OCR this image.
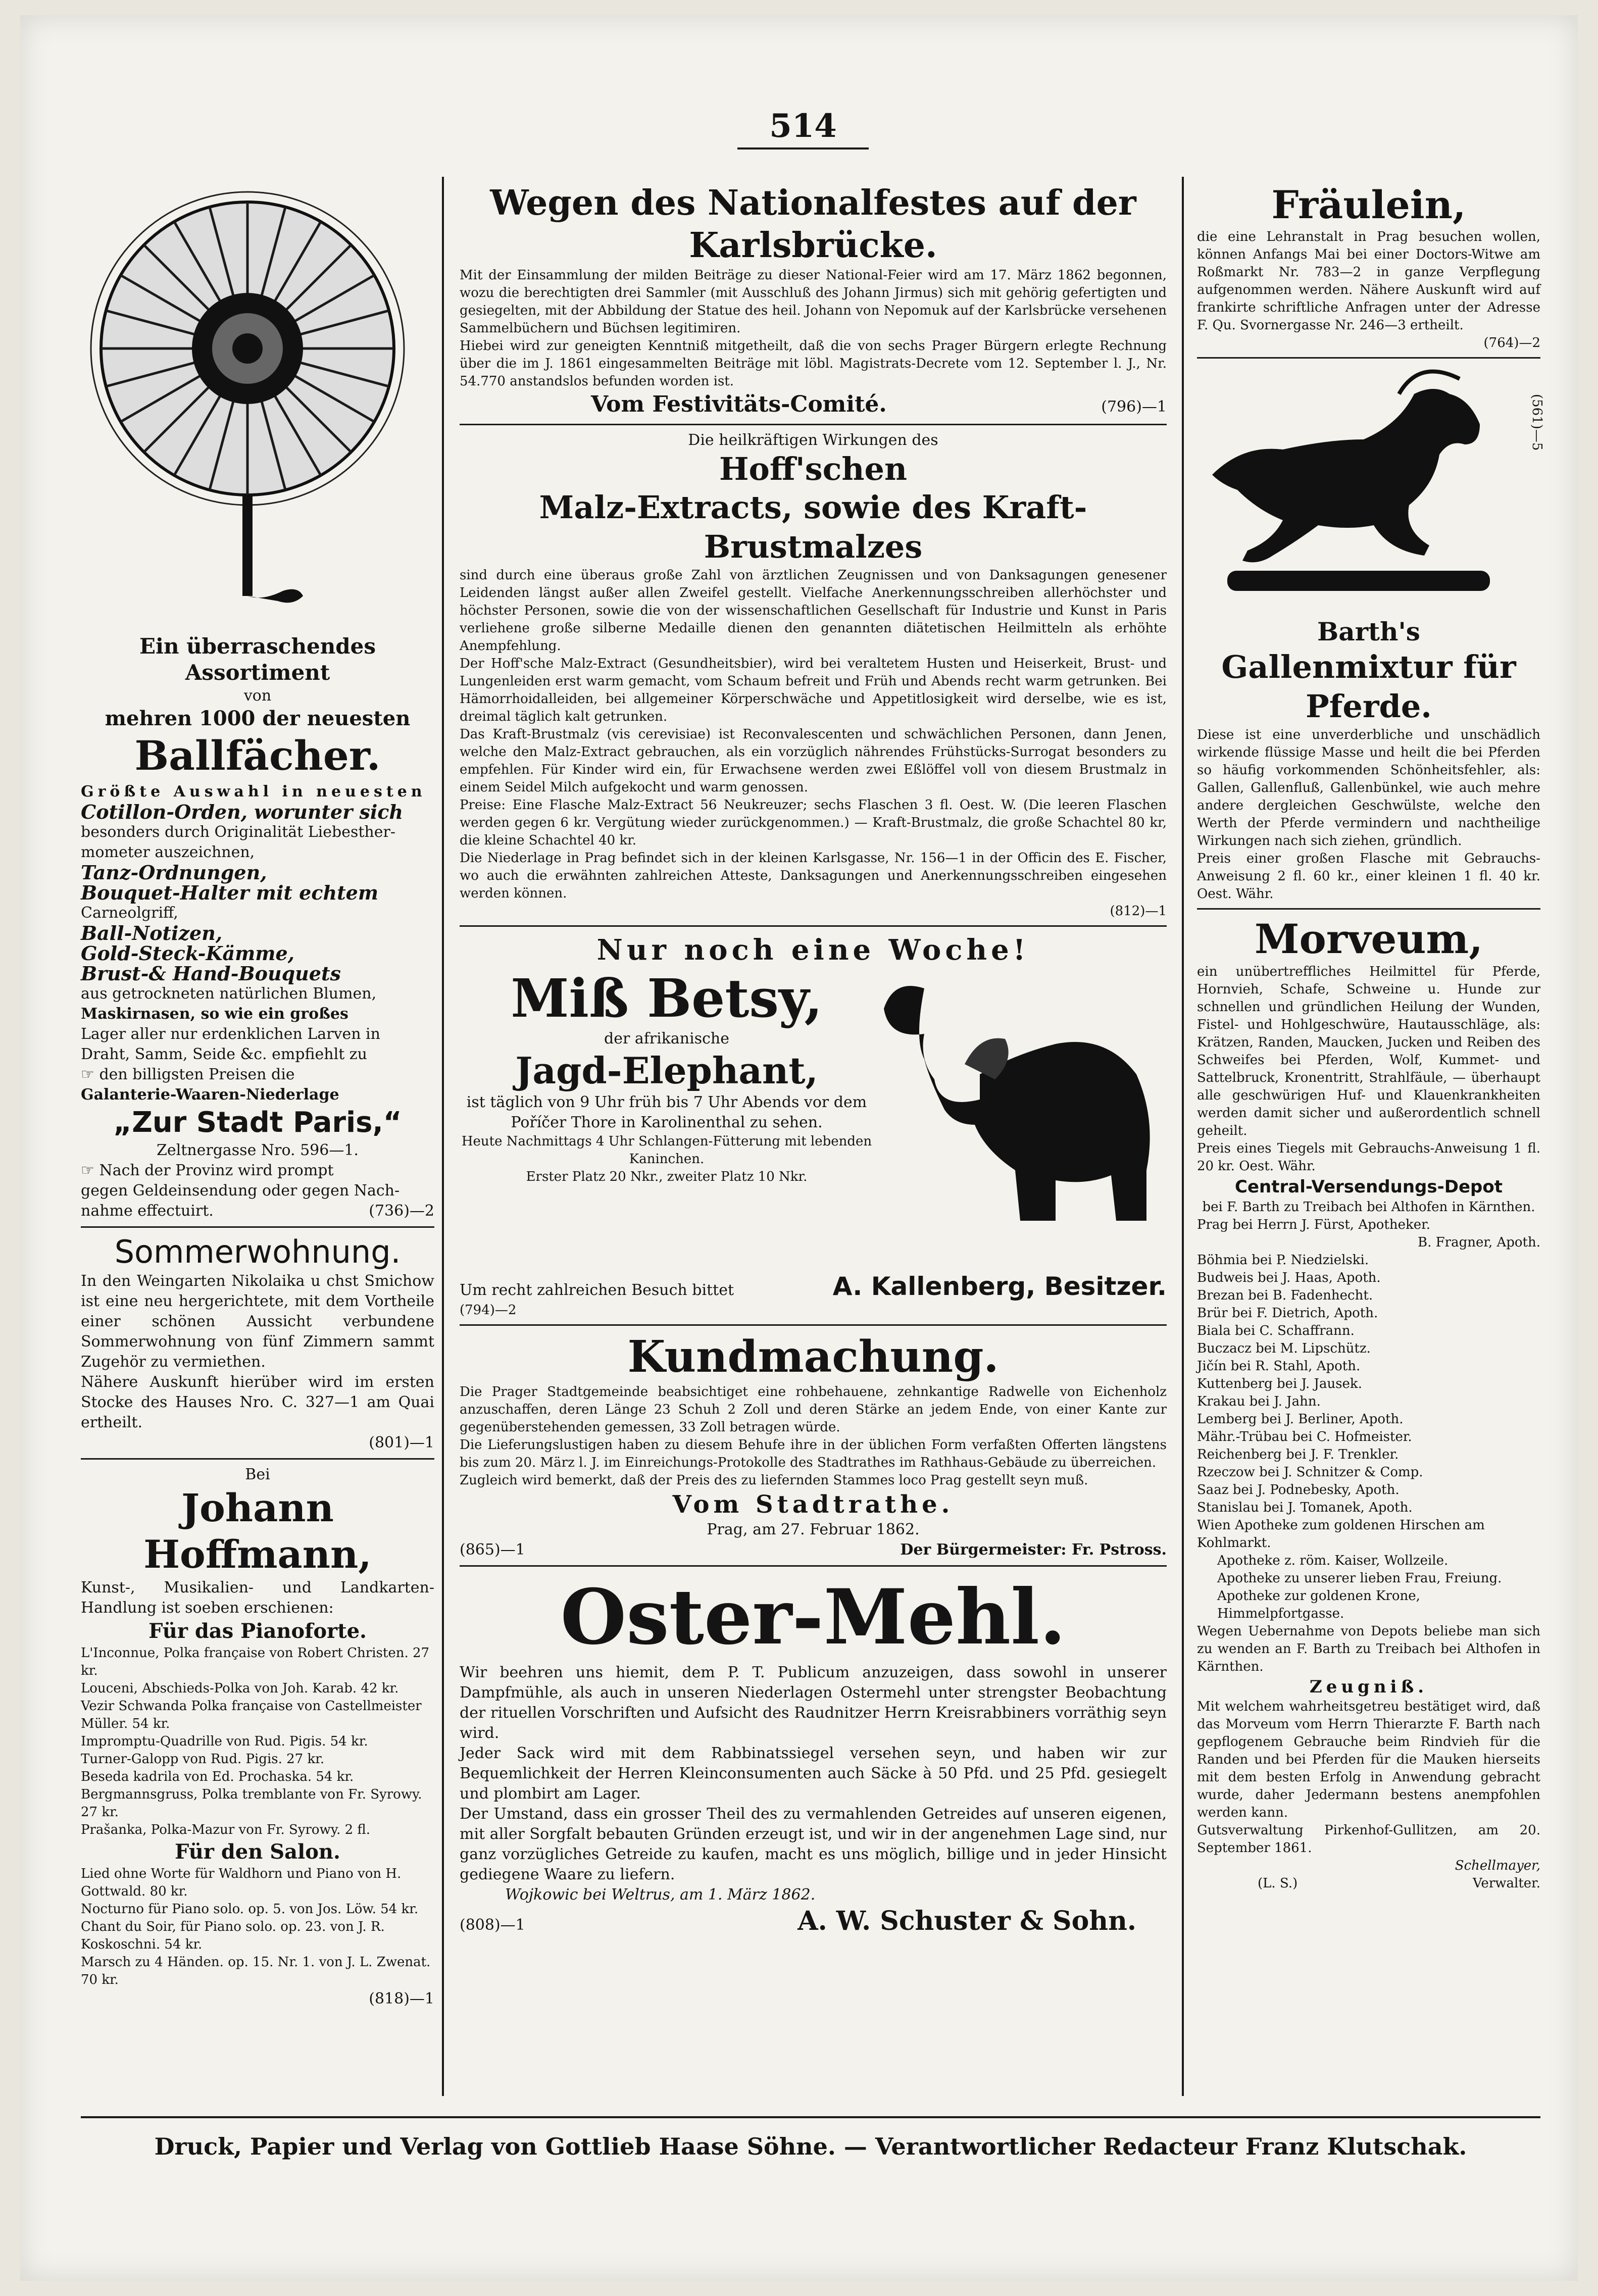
514

Ein überraschendes Assortiment

von

mehren 1000 der neuesten

Ballfächer.

Größte Auswahl in neuesten

Cotillon-Orden, worunter sich

besonders durch Originalität Liebesther-

mometer auszeichnen,

Tanz-Ordnungen,

Bouquet-Halter mit echtem

Carneolgriff,

Ball-Notizen,

Gold-Steck-Kämme,

Brust-& Hand-Bouquets

aus getrockneten natürlichen Blumen,

Maskirnasen, so wie ein großes

Lager aller nur erdenklichen Larven in

Draht, Samm, Seide &c. empfiehlt zu

☞ den billigsten Preisen die

Galanterie-Waaren-Niederlage

„Zur Stadt Paris,“

Zeltnergasse Nro. 596—1.

☞ Nach der Provinz wird prompt

gegen Geldeinsendung oder gegen Nach-

nahme effectuirt.	(736)—2

Sommerwohnung.

In den Weingarten Nikolaika u chst Smichow ist eine neu hergerichtete, mit dem Vortheile einer schönen Aussicht verbundene Sommerwohnung von fünf Zimmern sammt Zugehör zu vermiethen.

Nähere Auskunft hierüber wird im ersten Stocke des Hauses Nro. C. 327—1 am Quai ertheilt.

(801)—1

Bei

Johann Hoffmann,

Kunst-, Musikalien- und Landkarten-Handlung ist soeben erschienen:

Für das Pianoforte.

L'Inconnue, Polka française von Robert Christen. 27 kr.

Louceni, Abschieds-Polka von Joh. Karab. 42 kr.

Vezir Schwanda Polka française von Castellmeister Müller. 54 kr.

Impromptu-Quadrille von Rud. Pigis. 54 kr.

Turner-Galopp von Rud. Pigis. 27 kr.

Beseda kadrila von Ed. Prochaska. 54 kr.

Bergmannsgruss, Polka tremblante von Fr. Syrowy. 27 kr.

Prašanka, Polka-Mazur von Fr. Syrowy. 2 fl.

Für den Salon.

Lied ohne Worte für Waldhorn und Piano von H. Gottwald. 80 kr.

Nocturno für Piano solo. op. 5. von Jos. Löw. 54 kr.

Chant du Soir, für Piano solo. op. 23. von J. R. Koskoschni. 54 kr.

Marsch zu 4 Händen. op. 15. Nr. 1. von J. L. Zwenat. 70 kr.

(818)—1

Wegen des Nationalfestes auf der Karlsbrücke.

Mit der Einsammlung der milden Beiträge zu dieser National-Feier wird am 17. März 1862 begonnen, wozu die berechtigten drei Sammler (mit Ausschluß des Johann Jirmus) sich mit gehörig gefertigten und gesiegelten, mit der Abbildung der Statue des heil. Johann von Nepomuk auf der Karlsbrücke versehenen Sammelbüchern und Büchsen legitimiren.

Hiebei wird zur geneigten Kenntniß mitgetheilt, daß die von sechs Prager Bürgern erlegte Rechnung über die im J. 1861 eingesammelten Beiträge mit löbl. Magistrats-Decrete vom 12. September l. J., Nr. 54.770 anstandslos befunden worden ist.

Vom Festivitäts-Comité.	(796)—1

Die heilkräftigen Wirkungen des

Hoff'schen

Malz-Extracts, sowie des Kraft-Brustmalzes

sind durch eine überaus große Zahl von ärztlichen Zeugnissen und von Danksagungen genesener Leidenden längst außer allen Zweifel gestellt. Vielfache Anerkennungsschreiben allerhöchster und höchster Personen, sowie die von der wissenschaftlichen Gesellschaft für Industrie und Kunst in Paris verliehene große silberne Medaille dienen den genannten diätetischen Heilmitteln als erhöhte Anempfehlung.

Der Hoff'sche Malz-Extract (Gesundheitsbier), wird bei veraltetem Husten und Heiserkeit, Brust- und Lungenleiden erst warm gemacht, vom Schaum befreit und Früh und Abends recht warm getrunken. Bei Hämorrhoidalleiden, bei allgemeiner Körperschwäche und Appetitlosigkeit wird derselbe, wie es ist, dreimal täglich kalt getrunken.

Das Kraft-Brustmalz (vis cerevisiae) ist Reconvalescenten und schwächlichen Personen, dann Jenen, welche den Malz-Extract gebrauchen, als ein vorzüglich nährendes Frühstücks-Surrogat besonders zu empfehlen. Für Kinder wird ein, für Erwachsene werden zwei Eßlöffel voll von diesem Brustmalz in einem Seidel Milch aufgekocht und warm genossen.

Preise: Eine Flasche Malz-Extract 56 Neukreuzer; sechs Flaschen 3 fl. Oest. W. (Die leeren Flaschen werden gegen 6 kr. Vergütung wieder zurückgenommen.) — Kraft-Brustmalz, die große Schachtel 80 kr, die kleine Schachtel 40 kr.

Die Niederlage in Prag befindet sich in der kleinen Karlsgasse, Nr. 156—1 in der Officin des E. Fischer, wo auch die erwähnten zahlreichen Atteste, Danksagungen und Anerkennungsschreiben eingesehen werden können.

(812)—1

Nur noch eine Woche!

Miß Betsy,

der afrikanische

Jagd-Elephant,

ist täglich von 9 Uhr früh bis 7 Uhr Abends vor dem Poříčer Thore in Karolinenthal zu sehen.

Heute Nachmittags 4 Uhr Schlangen-Fütterung mit lebenden Kaninchen.

Erster Platz 20 Nkr., zweiter Platz 10 Nkr.

Um recht zahlreichen Besuch bittet	A. Kallenberg, Besitzer.
(794)—2

Kundmachung.

Die Prager Stadtgemeinde beabsichtiget eine rohbehauene, zehnkantige Radwelle von Eichenholz anzuschaffen, deren Länge 23 Schuh 2 Zoll und deren Stärke an jedem Ende, von einer Kante zur gegenüberstehenden gemessen, 33 Zoll betragen würde.

Die Lieferungslustigen haben zu diesem Behufe ihre in der üblichen Form verfaßten Offerten längstens bis zum 20. März l. J. im Einreichungs-Protokolle des Stadtrathes im Rathhaus-Gebäude zu überreichen.

Zugleich wird bemerkt, daß der Preis des zu liefernden Stammes loco Prag gestellt seyn muß.

Vom Stadtrathe.

Prag, am 27. Februar 1862.

(865)—1	Der Bürgermeister: Fr. Pstross.

Oster-Mehl.

Wir beehren uns hiemit, dem P. T. Publicum anzuzeigen, dass sowohl in unserer Dampfmühle, als auch in unseren Niederlagen Ostermehl unter strengster Beobachtung der rituellen Vorschriften und Aufsicht des Raudnitzer Herrn Kreisrabbiners vorräthig seyn wird.

Jeder Sack wird mit dem Rabbinatssiegel versehen seyn, und haben wir zur Bequemlichkeit der Herren Kleinconsumenten auch Säcke à 50 Pfd. und 25 Pfd. gesiegelt und plombirt am Lager.

Der Umstand, dass ein grosser Theil des zu vermahlenden Getreides auf unseren eigenen, mit aller Sorgfalt bebauten Gründen erzeugt ist, und wir in der angenehmen Lage sind, nur ganz vorzügliches Getreide zu kaufen, macht es uns möglich, billige und in jeder Hinsicht gediegene Waare zu liefern.

Wojkowic bei Weltrus, am 1. März 1862.

(808)—1	A. W. Schuster & Sohn.

Fräulein,

die eine Lehranstalt in Prag besuchen wollen, können Anfangs Mai bei einer Doctors-Witwe am Roßmarkt Nr. 783—2 in ganze Verpflegung aufgenommen werden. Nähere Auskunft wird auf frankirte schriftliche Anfragen unter der Adresse F. Qu. Svornergasse Nr. 246—3 ertheilt.

(764)—2
(561)—5

Barth's

Gallenmixtur für Pferde.

Diese ist eine unverderbliche und unschädlich wirkende flüssige Masse und heilt die bei Pferden so häufig vorkommenden Schönheitsfehler, als: Gallen, Gallenfluß, Gallenbünkel, wie auch mehre andere dergleichen Geschwülste, welche den Werth der Pferde vermindern und nachtheilige Wirkungen nach sich ziehen, gründlich.

Preis einer großen Flasche mit Gebrauchs-Anweisung 2 fl. 60 kr., einer kleinen 1 fl. 40 kr. Oest. Währ.

Morveum,

ein unübertreffliches Heilmittel für Pferde, Hornvieh, Schafe, Schweine u. Hunde zur schnellen und gründlichen Heilung der Wunden, Fistel- und Hohlgeschwüre, Hautausschläge, als: Krätzen, Randen, Maucken, Jucken und Reiben des Schweifes bei Pferden, Wolf, Kummet- und Sattelbruck, Kronentritt, Strahlfäule, — überhaupt alle geschwürigen Huf- und Klauenkrankheiten werden damit sicher und außerordentlich schnell geheilt.

Preis eines Tiegels mit Gebrauchs-Anweisung 1 fl. 20 kr. Oest. Währ.

Central-Versendungs-Depot

bei F. Barth zu Treibach bei Althofen in Kärnthen.

Prag bei Herrn J. Fürst, Apotheker.

B. Fragner, Apoth.

Böhmia bei P. Niedzielski.

Budweis bei J. Haas, Apoth.

Brezan bei B. Fadenhecht.

Brür bei F. Dietrich, Apoth.

Biala bei C. Schaffrann.

Buczacz bei M. Lipschütz.

Jičín bei R. Stahl, Apoth.

Kuttenberg bei J. Jausek.

Krakau bei J. Jahn.

Lemberg bei J. Berliner, Apoth.

Mähr.-Trübau bei C. Hofmeister.

Reichenberg bei J. F. Trenkler.

Rzeczow bei J. Schnitzer & Comp.

Saaz bei J. Podnebesky, Apoth.

Stanislau bei J. Tomanek, Apoth.

Wien Apotheke zum goldenen Hirschen am Kohlmarkt.

Apotheke z. röm. Kaiser, Wollzeile.

Apotheke zu unserer lieben Frau, Freiung.

Apotheke zur goldenen Krone, Himmelpfortgasse.

Wegen Uebernahme von Depots beliebe man sich zu wenden an F. Barth zu Treibach bei Althofen in Kärnthen.

Zeugniß.

Mit welchem wahrheitsgetreu bestätiget wird, daß das Morveum vom Herrn Thierarzte F. Barth nach gepflogenem Gebrauche beim Rindvieh für die Randen und bei Pferden für die Mauken hierseits mit dem besten Erfolg in Anwendung gebracht wurde, daher Jedermann bestens anempfohlen werden kann.

Gutsverwaltung Pirkenhof-Gullitzen, am 20. September 1861.

Schellmayer,

(L. S.)	Verwalter.
Druck, Papier und Verlag von Gottlieb Haase Söhne. — Verantwortlicher Redacteur Franz Klutschak.
